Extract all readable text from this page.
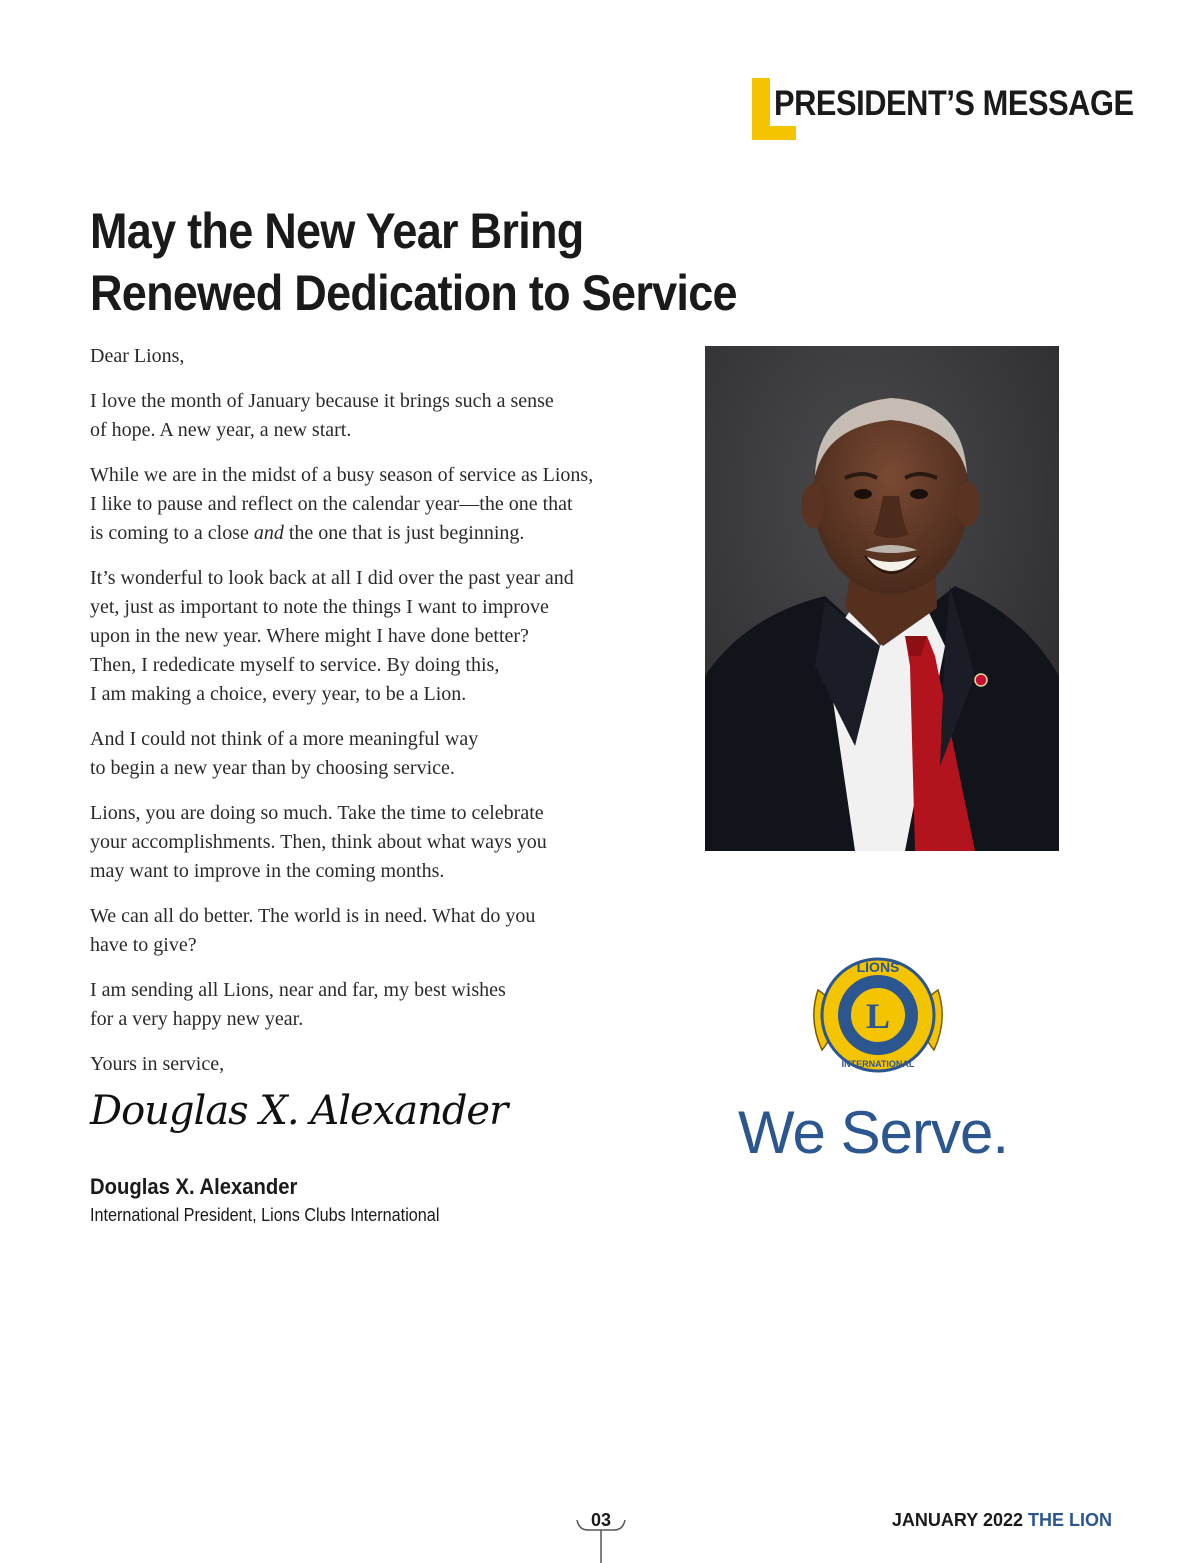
PRESIDENT’S MESSAGE
May the New Year Bring
Renewed Dedication to Service

Dear Lions,

I love the month of January because it brings such a sense
of hope. A new year, a new start.

While we are in the midst of a busy season of service as Lions,
I like to pause and reflect on the calendar year—the one that
is coming to a close and the one that is just beginning.

It’s wonderful to look back at all I did over the past year and
yet, just as important to note the things I want to improve
upon in the new year. Where might I have done better?
Then, I rededicate myself to service. By doing this,
I am making a choice, every year, to be a Lion.

And I could not think of a more meaningful way
to begin a new year than by choosing service.

Lions, you are doing so much. Take the time to celebrate
your accomplishments. Then, think about what ways you
may want to improve in the coming months.

We can all do better. The world is in need. What do you
have to give?

I am sending all Lions, near and far, my best wishes
for a very happy new year.

Yours in service,

Douglas X. Alexander
Douglas X. Alexander
International President, Lions Clubs International
L
LIONS
INTERNATIONAL
We Serve.
03	JANUARY 2022 THE LION
